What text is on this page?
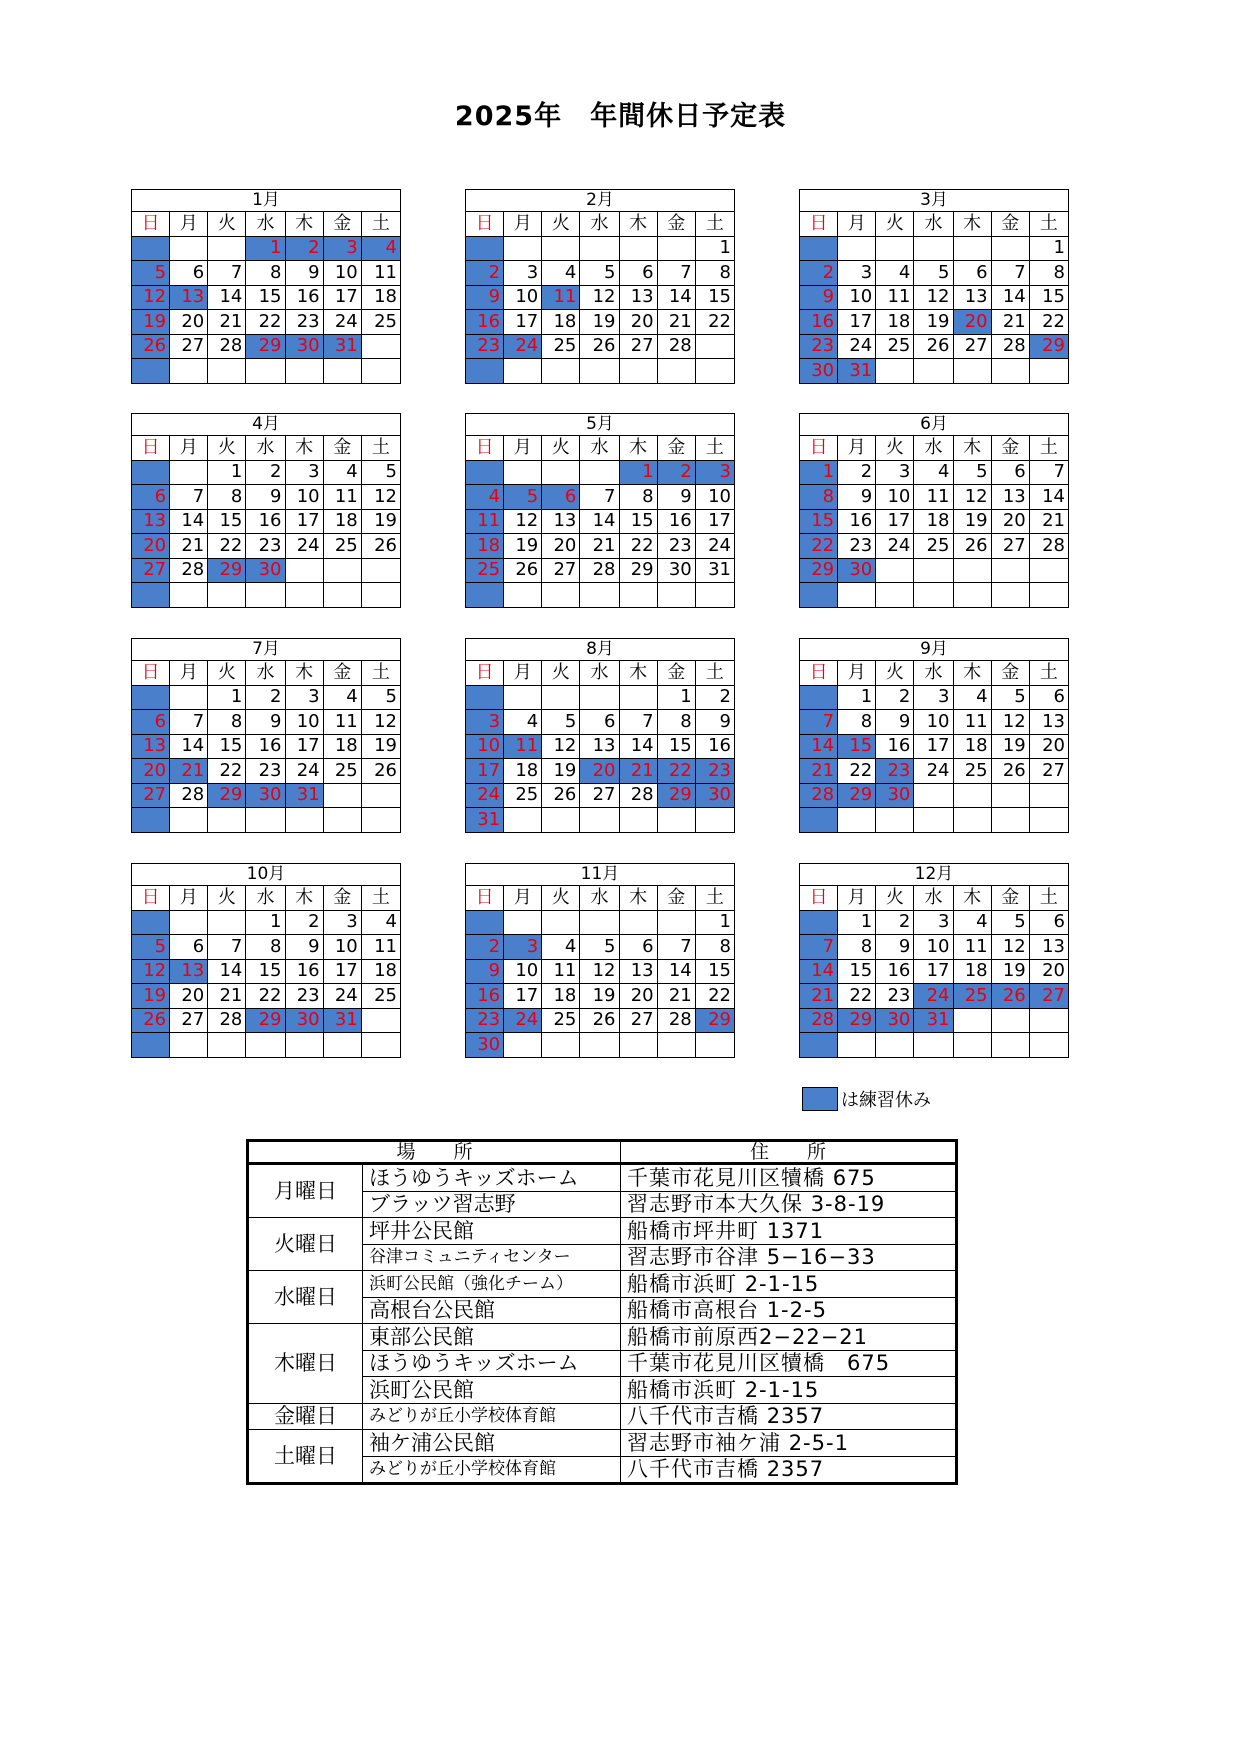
2025年　年間休日予定表
1月						
日	月	火	水	木	金	土
			1	2	3	4
5	6	7	8	9	10	11
12	13	14	15	16	17	18
19	20	21	22	23	24	25
26	27	28	29	30	31	

2月						
日	月	火	水	木	金	土
						1
2	3	4	5	6	7	8
9	10	11	12	13	14	15
16	17	18	19	20	21	22
23	24	25	26	27	28	

3月						
日	月	火	水	木	金	土
						1
2	3	4	5	6	7	8
9	10	11	12	13	14	15
16	17	18	19	20	21	22
23	24	25	26	27	28	29
30	31					
4月						
日	月	火	水	木	金	土
		1	2	3	4	5
6	7	8	9	10	11	12
13	14	15	16	17	18	19
20	21	22	23	24	25	26
27	28	29	30			

5月						
日	月	火	水	木	金	土
				1	2	3
4	5	6	7	8	9	10
11	12	13	14	15	16	17
18	19	20	21	22	23	24
25	26	27	28	29	30	31

6月						
日	月	火	水	木	金	土
1	2	3	4	5	6	7
8	9	10	11	12	13	14
15	16	17	18	19	20	21
22	23	24	25	26	27	28
29	30					

7月						
日	月	火	水	木	金	土
		1	2	3	4	5
6	7	8	9	10	11	12
13	14	15	16	17	18	19
20	21	22	23	24	25	26
27	28	29	30	31		

8月						
日	月	火	水	木	金	土
					1	2
3	4	5	6	7	8	9
10	11	12	13	14	15	16
17	18	19	20	21	22	23
24	25	26	27	28	29	30
31						
9月						
日	月	火	水	木	金	土
	1	2	3	4	5	6
7	8	9	10	11	12	13
14	15	16	17	18	19	20
21	22	23	24	25	26	27
28	29	30				

10月						
日	月	火	水	木	金	土
			1	2	3	4
5	6	7	8	9	10	11
12	13	14	15	16	17	18
19	20	21	22	23	24	25
26	27	28	29	30	31	

11月						
日	月	火	水	木	金	土
						1
2	3	4	5	6	7	8
9	10	11	12	13	14	15
16	17	18	19	20	21	22
23	24	25	26	27	28	29
30						
12月						
日	月	火	水	木	金	土
	1	2	3	4	5	6
7	8	9	10	11	12	13
14	15	16	17	18	19	20
21	22	23	24	25	26	27
28	29	30	31			

は練習休み
場　　所		住　　所
月曜日	ほうゆうキッズホーム	千葉市花見川区犢橋 675
	ブラッツ習志野	習志野市本大久保 3-8-19
火曜日	坪井公民館	船橋市坪井町 1371
	谷津コミュニティセンター	習志野市谷津 5−16−33
水曜日	浜町公民館（強化チーム）	船橋市浜町 2-1-15
	高根台公民館	船橋市高根台 1-2-5
木曜日	東部公民館	船橋市前原西2−22−21
	ほうゆうキッズホーム	千葉市花見川区犢橋　675
	浜町公民館	船橋市浜町 2-1-15
金曜日	みどりが丘小学校体育館	八千代市吉橋 2357
土曜日	袖ケ浦公民館	習志野市袖ケ浦 2-5-1
	みどりが丘小学校体育館	八千代市吉橋 2357
